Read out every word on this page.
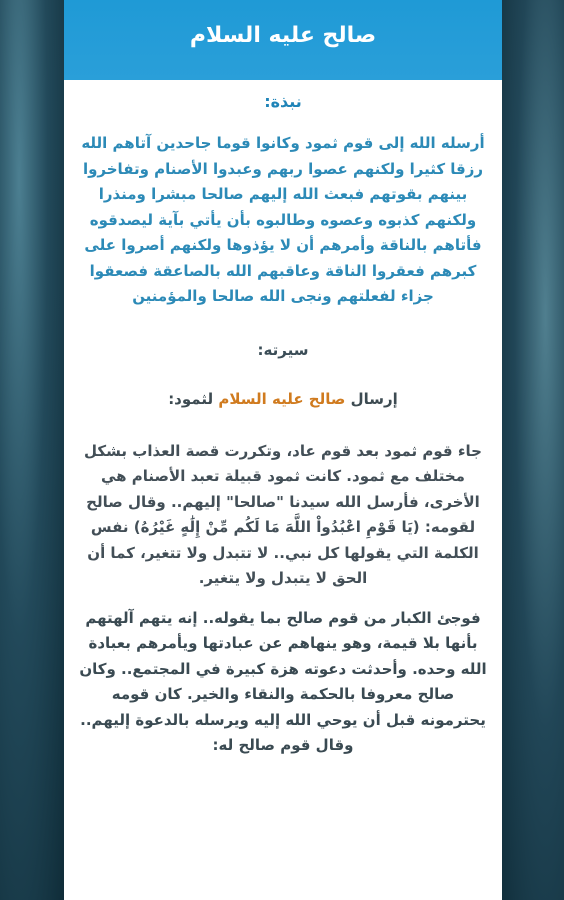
صالح عليه السلام
نبذة:
أرسله الله إلى قوم ثمود وكانوا قوما جاحدين آتاهم الله رزقا كثيرا ولكنهم عصوا ربهم وعبدوا الأصنام وتفاخروا بينهم بقوتهم فبعث الله إليهم صالحا مبشرا ومنذرا ولكنهم كذبوه وعصوه وطالبوه بأن يأتي بآية ليصدقوه فأتاهم بالناقة وأمرهم أن لا يؤذوها ولكنهم أصروا على كبرهم فعقروا الناقة وعاقبهم الله بالصاعقة فصعقوا جزاء لفعلتهم ونجى الله صالحا والمؤمنين
سيرته:
إرسال صالح عليه السلام لثمود:
جاء قوم ثمود بعد قوم عاد، وتكررت قصة العذاب بشكل مختلف مع ثمود. كانت ثمود قبيلة تعبد الأصنام هي الأخرى، فأرسل الله سيدنا "صالحا" إليهم.. وقال صالح لقومه: (يَا قَوْمِ اعْبُدُواْ اللَّهَ مَا لَكُم مِّنْ إِلَٰهٍ غَيْرُهُ) نفس الكلمة التي يقولها كل نبي.. لا تتبدل ولا تتغير، كما أن الحق لا يتبدل ولا يتغير.
فوجئ الكبار من قوم صالح بما يقوله.. إنه يتهم آلهتهم بأنها بلا قيمة، وهو ينهاهم عن عبادتها ويأمرهم بعبادة الله وحده. وأحدثت دعوته هزة كبيرة في المجتمع.. وكان صالح معروفا بالحكمة والنقاء والخير. كان قومه يحترمونه قبل أن يوحي الله إليه ويرسله بالدعوة إليهم.. وقال قوم صالح له:
